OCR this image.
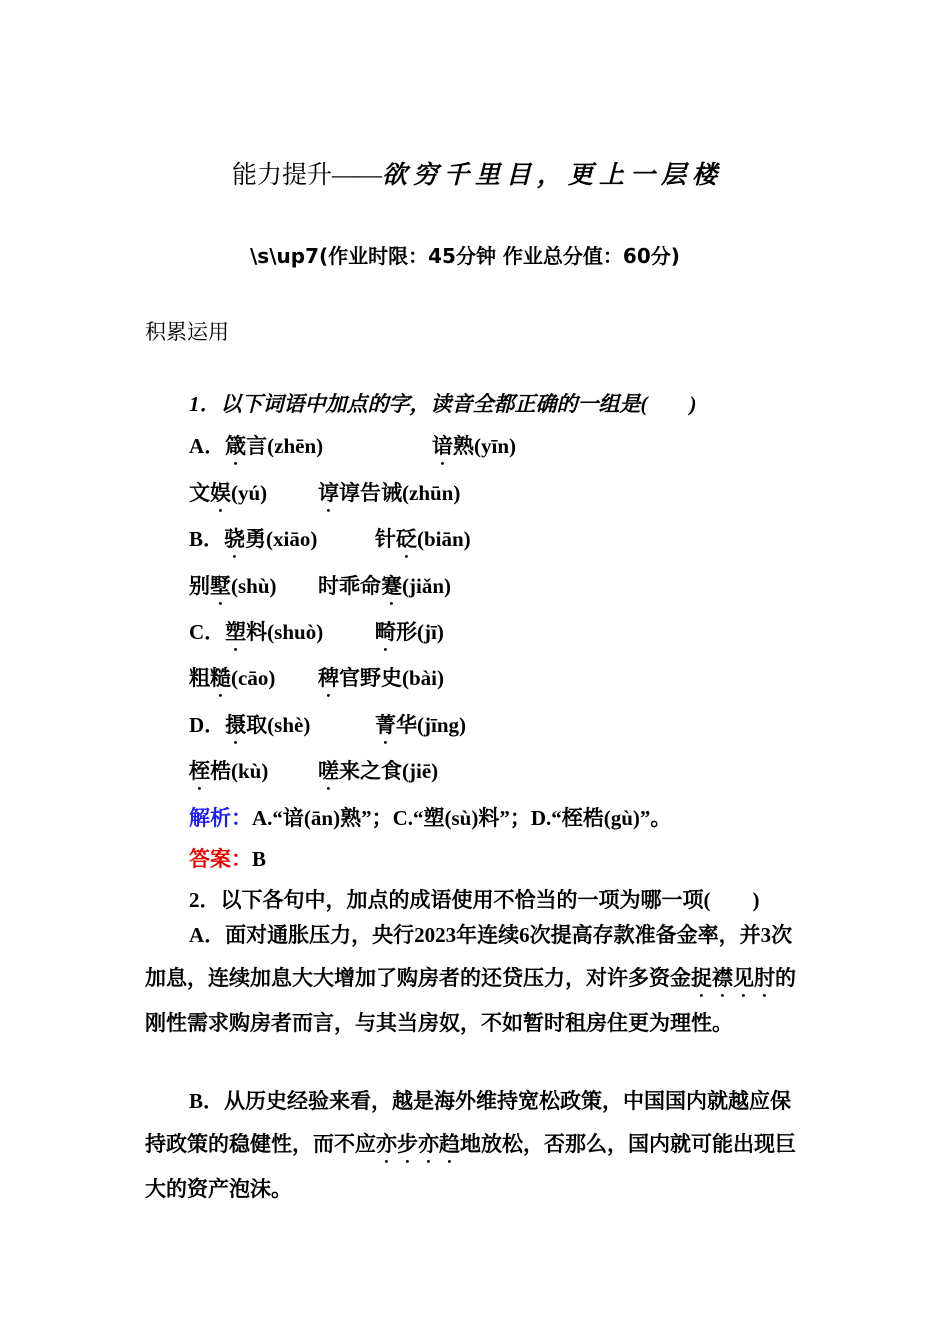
能力提升——欲穷千里目，更上一层楼
\s\up7(作业时限：45分钟 作业总分值：60分)
积累运用
1．以下词语中加点的字，读音全都正确的一组是(　　)
A．箴言(zhēn)	谙熟(yīn)
文娱(yú) 谆谆告诫(zhūn)
B．骁勇(xiāo)	针砭(biān)
别墅(shù) 时乖命蹇(jiǎn)
C．塑料(shuò) 畸形(jī)
粗糙(cāo) 稗官野史(bài)
D．摄取(shè)	菁华(jīng)
桎梏(kù) 嗟来之食(jiē)
解析：A.“谙(ān)熟”；C.“塑(sù)料”；D.“桎梏(gù)”。
答案：B
2．以下各句中，加点的成语使用不恰当的一项为哪一项(　　)
A．面对通胀压力，央行2023年连续6次提高存款准备金率，并3次加息，连续加息大大增加了购房者的还贷压力，对许多资金捉襟见肘的刚性需求购房者而言，与其当房奴，不如暂时租房住更为理性。
B．从历史经验来看，越是海外维持宽松政策，中国国内就越应保持政策的稳健性，而不应亦步亦趋地放松，否那么，国内就可能出现巨大的资产泡沫。
